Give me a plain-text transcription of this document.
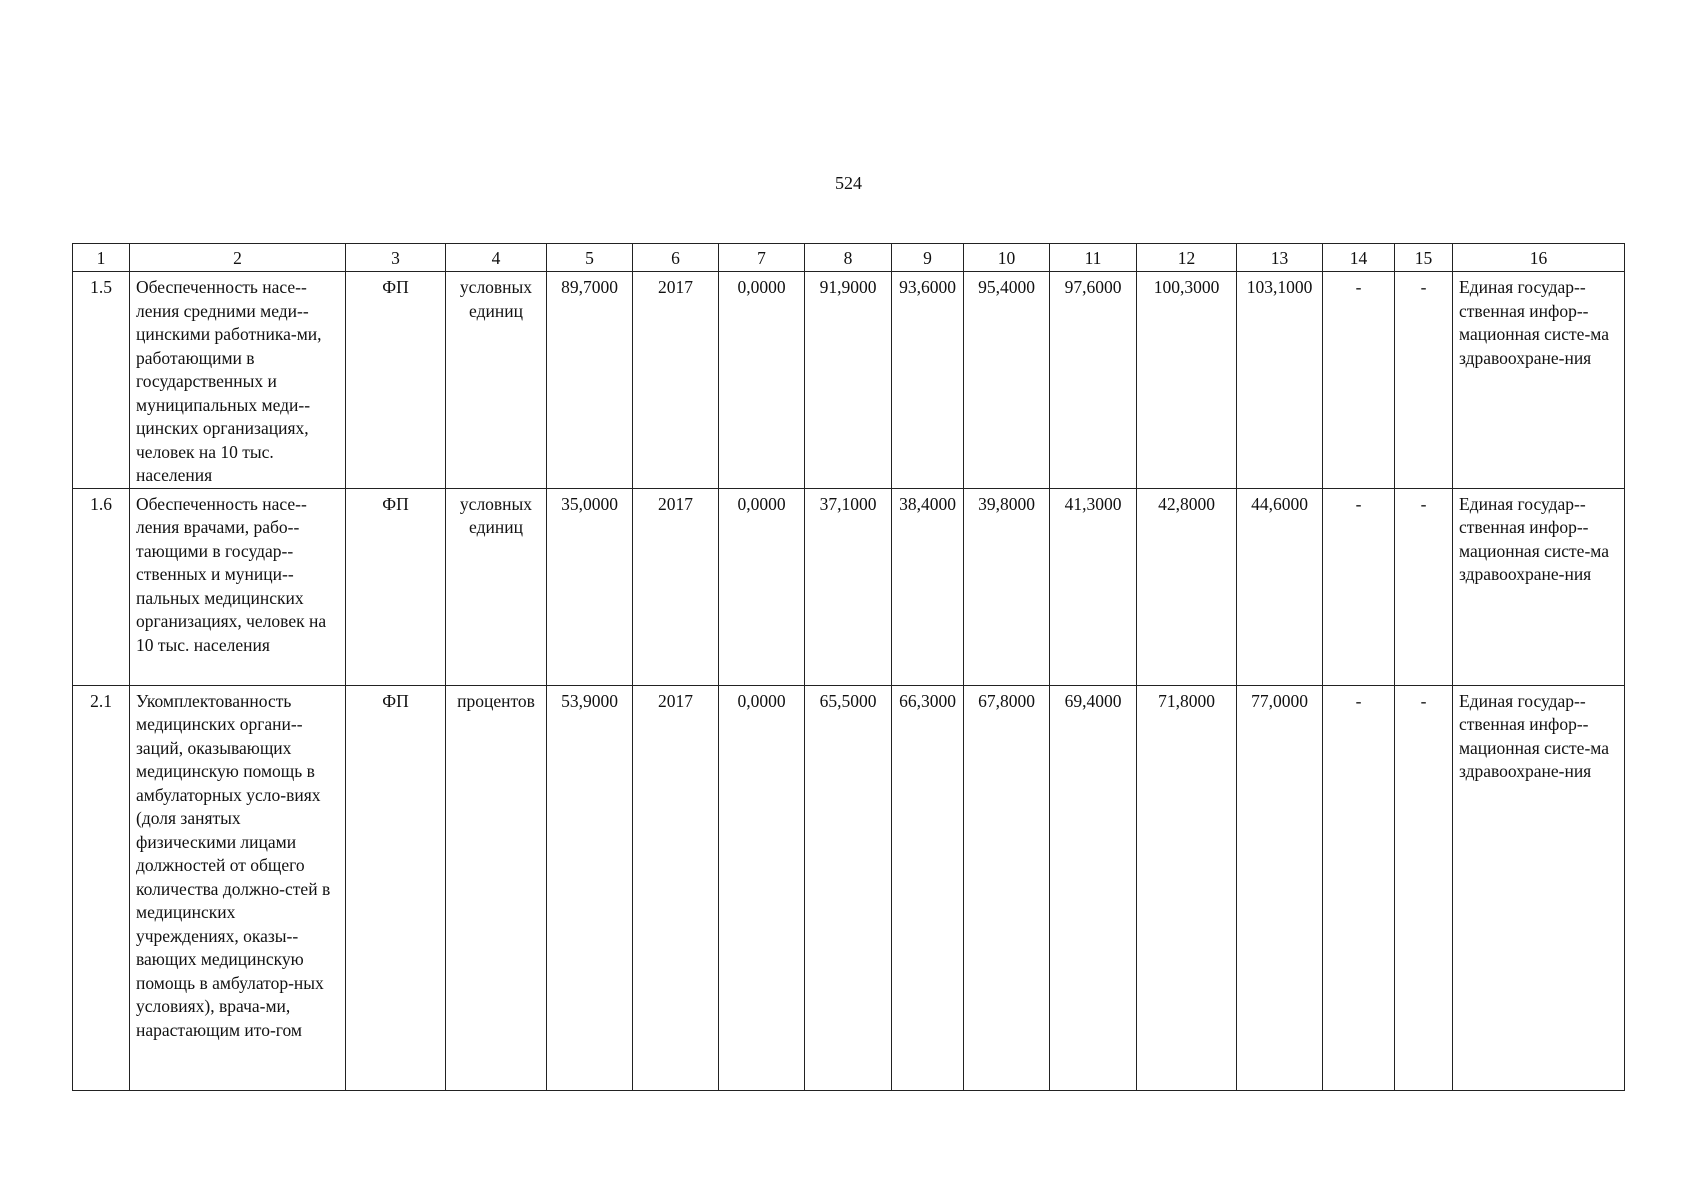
524
1	2	3	4	5	6	7	8	9	10	11	12	13	14	15	16
1.5	Обеспеченность насе-ления средними меди-цинскими работника-ми, работающими в государственных и муниципальных меди-цинских организациях, человек на 10 тыс. населения	ФП	условных единиц	89,7000	2017	0,0000	91,9000	93,6000	95,4000	97,6000	100,3000	103,1000	-	-	Единая государ-ственная инфор-мационная систе-ма здравоохране-ния
1.6	Обеспеченность насе-ления врачами, рабо-тающими в государ-ственных и муници-пальных медицинских организациях, человек на 10 тыс. населения	ФП	условных единиц	35,0000	2017	0,0000	37,1000	38,4000	39,8000	41,3000	42,8000	44,6000	-	-	Единая государ-ственная инфор-мационная систе-ма здравоохране-ния
2.1	Укомплектованность медицинских органи-заций, оказывающих медицинскую помощь в амбулаторных усло-виях (доля занятых физическими лицами должностей от общего количества должно-стей в медицинских учреждениях, оказы-вающих медицинскую помощь в амбулатор-ных условиях), врача-ми, нарастающим ито-гом	ФП	процентов	53,9000	2017	0,0000	65,5000	66,3000	67,8000	69,4000	71,8000	77,0000	-	-	Единая государ-ственная инфор-мационная систе-ма здравоохране-ния
